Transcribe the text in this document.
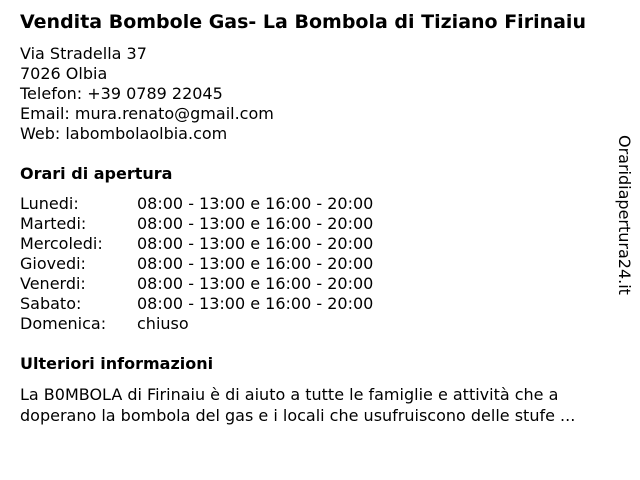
Vendita Bombole Gas- La Bombola di Tiziano Firinaiu
Via Stradella 37
7026 Olbia
Telefon: +39 0789 22045
Email: mura.renato@gmail.com
Web: labombolaolbia.com
Orari di apertura
Lunedi:	08:00 - 13:00 e 16:00 - 20:00
Martedi:	08:00 - 13:00 e 16:00 - 20:00
Mercoledi:	08:00 - 13:00 e 16:00 - 20:00
Giovedi:	08:00 - 13:00 e 16:00 - 20:00
Venerdi:	08:00 - 13:00 e 16:00 - 20:00
Sabato:	08:00 - 13:00 e 16:00 - 20:00
Domenica:	chiuso
Ulteriori informazioni
La B0MBOLA di Firinaiu è di aiuto a tutte le famiglie e attività che a doperano la bombola del gas e i locali che usufruiscono delle stufe ...
Oraridiapertura24.it
